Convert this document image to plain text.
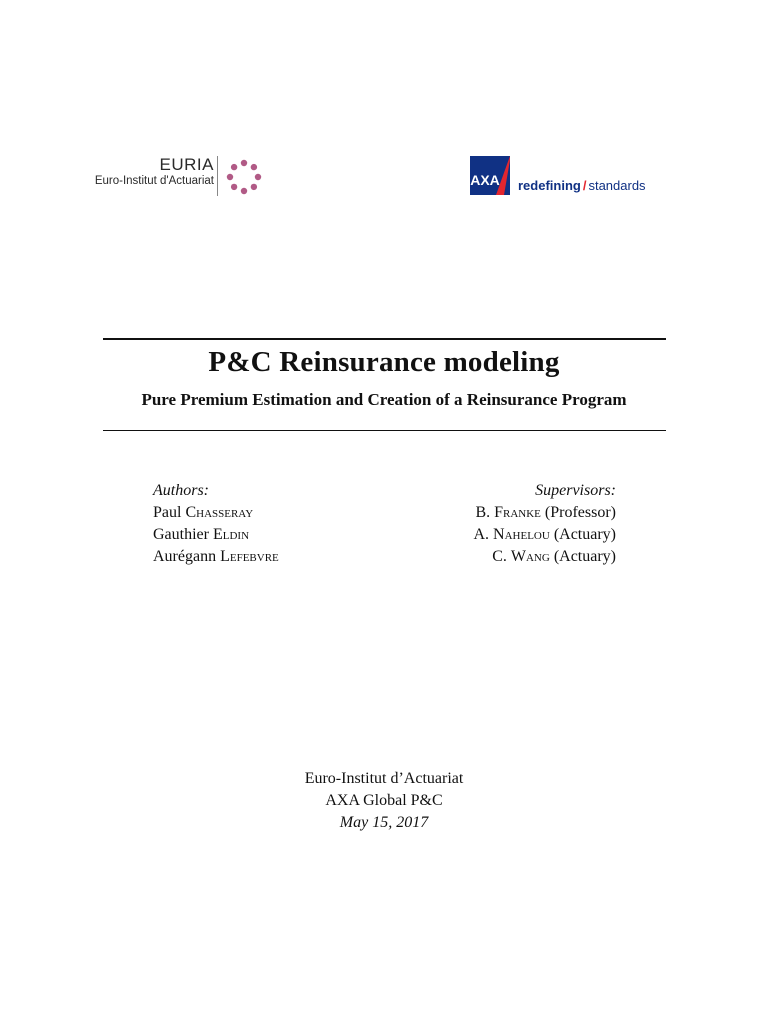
EURIA
Euro-Institut d'Actuariat	AXA redefining / standards
P&C Reinsurance modeling
Pure Premium Estimation and Creation of a Reinsurance Program
Authors:
Paul Chasseray
Gauthier Eldin
Aurégann Lefebvre
Supervisors:
B. Franke (Professor)
A. Nahelou (Actuary)
C. Wang (Actuary)
Euro-Institut d’Actuariat
AXA Global P&C
May 15, 2017
